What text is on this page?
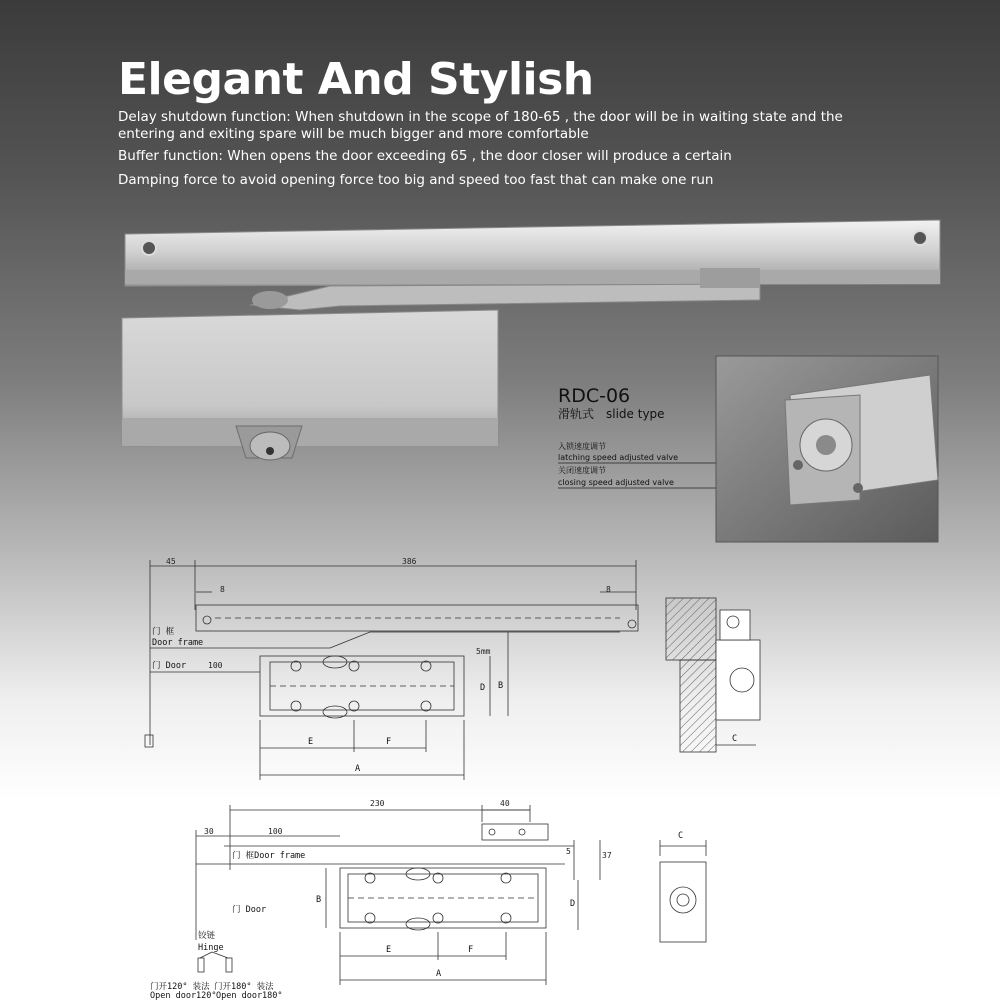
Elegant And Stylish
Delay shutdown function: When shutdown in the scope of 180-65 , the door will be in waiting state and the entering and exiting spare will be much bigger and more comfortable
Buffer function: When opens the door exceeding 65 , the door closer will produce a certain
Damping force to avoid opening force too big and speed too fast that can make one run
RDC-06
滑轨式 slide type
入锁速度调节
latching speed adjusted valve
关闭速度调节
closing speed adjusted valve
45	386
8	8
100
5mm
门 框
Door frame
门 Door
D B
E	F
A
C
230	40
30	100
5	37
门 框Door frame
门 Door
铰链
Hinge
门开120° 装法 门开180° 装法
Open door120° Open door180°
B	D
E	F
A
C
